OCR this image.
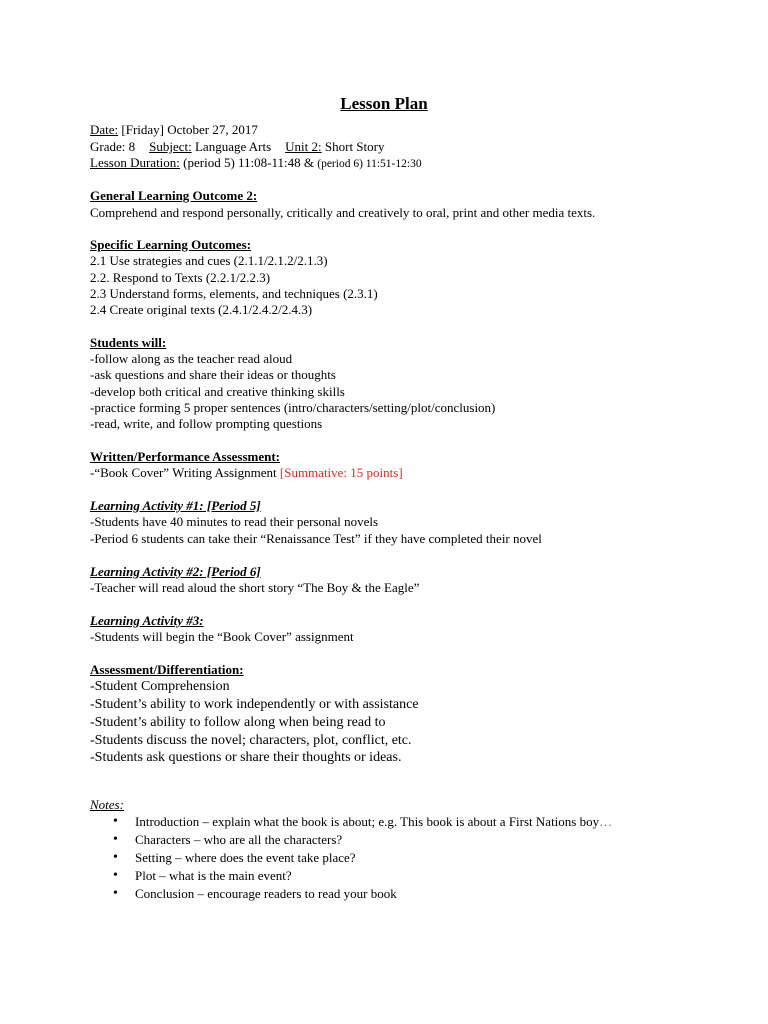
Lesson Plan
Date: [Friday] October 27, 2017
Grade: 8 Subject: Language Arts Unit 2: Short Story
Lesson Duration: (period 5) 11:08-11:48 & (period 6) 11:51-12:30
General Learning Outcome 2:
Comprehend and respond personally, critically and creatively to oral, print and other media texts.
Specific Learning Outcomes:
2.1 Use strategies and cues (2.1.1/2.1.2/2.1.3)
2.2. Respond to Texts (2.2.1/2.2.3)
2.3 Understand forms, elements, and techniques (2.3.1)
2.4 Create original texts (2.4.1/2.4.2/2.4.3)
Students will:
-follow along as the teacher read aloud
-ask questions and share their ideas or thoughts
-develop both critical and creative thinking skills
-practice forming 5 proper sentences (intro/characters/setting/plot/conclusion)
-read, write, and follow prompting questions
Written/Performance Assessment:
-“Book Cover” Writing Assignment [Summative: 15 points]
Learning Activity #1: [Period 5]
-Students have 40 minutes to read their personal novels
-Period 6 students can take their “Renaissance Test” if they have completed their novel
Learning Activity #2: [Period 6]
-Teacher will read aloud the short story “The Boy & the Eagle”
Learning Activity #3:
-Students will begin the “Book Cover” assignment
Assessment/Differentiation:
-Student Comprehension
-Student’s ability to work independently or with assistance
-Student’s ability to follow along when being read to
-Students discuss the novel; characters, plot, conflict, etc.
-Students ask questions or share their thoughts or ideas.
Notes:
• Introduction – explain what the book is about; e.g. This book is about a First Nations boy…
• Characters – who are all the characters?
• Setting – where does the event take place?
• Plot – what is the main event?
• Conclusion – encourage readers to read your book
